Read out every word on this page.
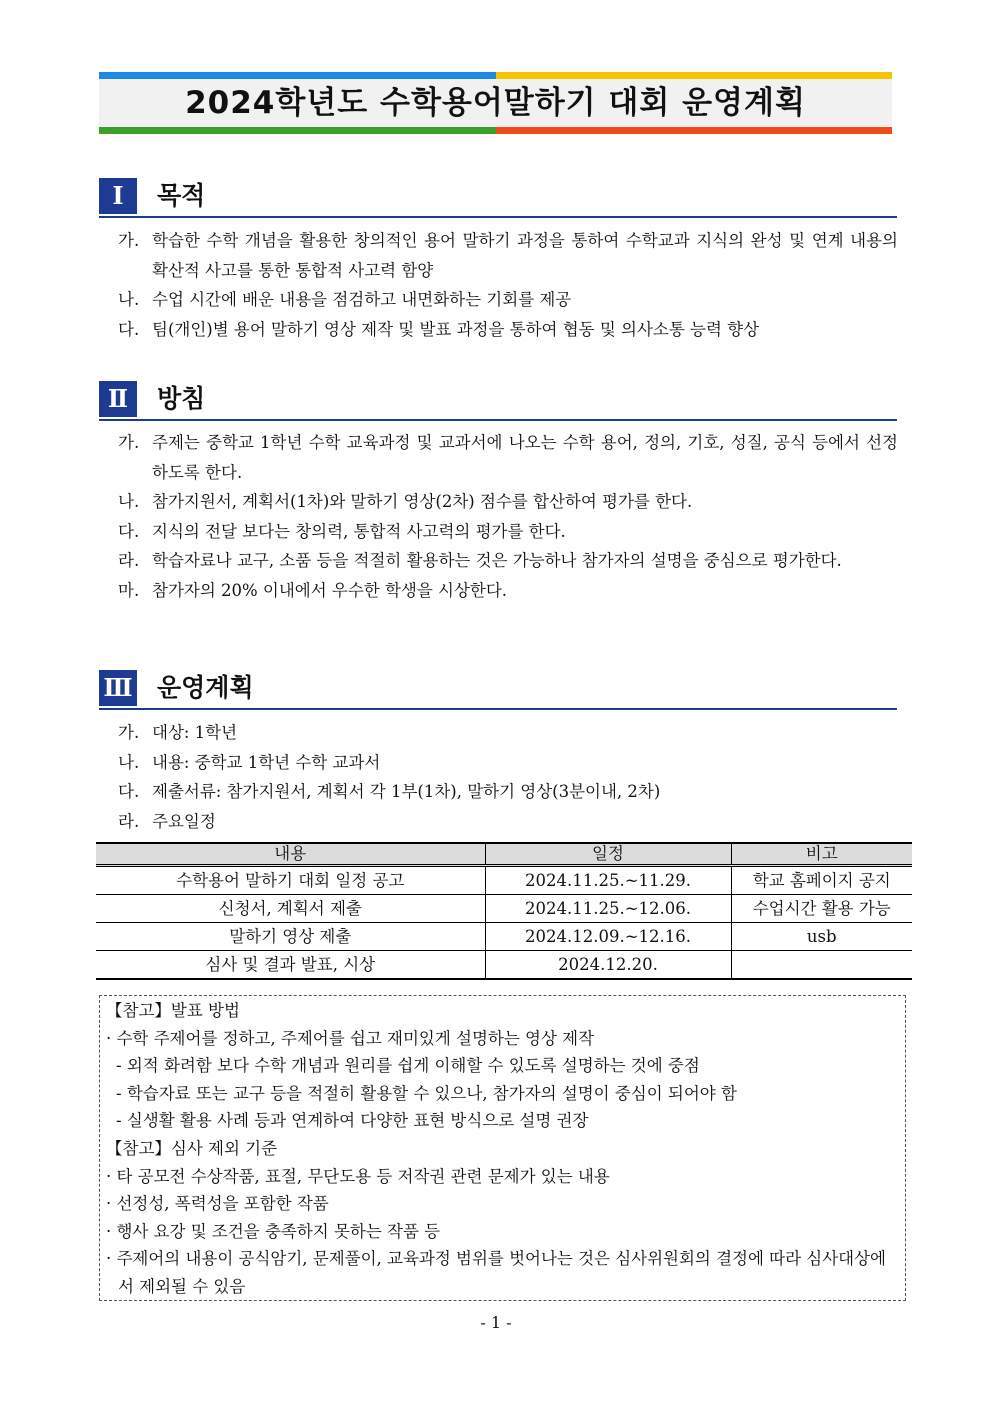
2024학년도 수학용어말하기 대회 운영계획
Ⅰ	목적
가. 학습한 수학 개념을 활용한 창의적인 용어 말하기 과정을 통하여 수학교과 지식의 완성 및 연계 내용의 확산적 사고를 통한 통합적 사고력 함양
나. 수업 시간에 배운 내용을 점검하고 내면화하는 기회를 제공
다. 팀(개인)별 용어 말하기 영상 제작 및 발표 과정을 통하여 협동 및 의사소통 능력 향상
Ⅱ	방침
가. 주제는 중학교 1학년 수학 교육과정 및 교과서에 나오는 수학 용어, 정의, 기호, 성질, 공식 등에서 선정하도록 한다.
나. 참가지원서, 계획서(1차)와 말하기 영상(2차) 점수를 합산하여 평가를 한다.
다. 지식의 전달 보다는 창의력, 통합적 사고력의 평가를 한다.
라. 학습자료나 교구, 소품 등을 적절히 활용하는 것은 가능하나 참가자의 설명을 중심으로 평가한다.
마. 참가자의 20% 이내에서 우수한 학생을 시상한다.
Ⅲ 운영계획
가. 대상: 1학년
나. 내용: 중학교 1학년 수학 교과서
다. 제출서류: 참가지원서, 계획서 각 1부(1차), 말하기 영상(3분이내, 2차)
라. 주요일정
내용	일정	비고
수학용어 말하기 대회 일정 공고	2024.11.25.~11.29.	학교 홈페이지 공지
신청서, 계획서 제출	2024.11.25.~12.06.	수업시간 활용 가능
말하기 영상 제출	2024.12.09.~12.16.	usb
심사 및 결과 발표, 시상	2024.12.20.	
【참고】발표 방법
· 수학 주제어를 정하고, 주제어를 쉽고 재미있게 설명하는 영상 제작
- 외적 화려함 보다 수학 개념과 원리를 쉽게 이해할 수 있도록 설명하는 것에 중점
- 학습자료 또는 교구 등을 적절히 활용할 수 있으나, 참가자의 설명이 중심이 되어야 함
- 실생활 활용 사례 등과 연계하여 다양한 표현 방식으로 설명 권장
【참고】심사 제외 기준
· 타 공모전 수상작품, 표절, 무단도용 등 저작권 관련 문제가 있는 내용
· 선정성, 폭력성을 포함한 작품
· 행사 요강 및 조건을 충족하지 못하는 작품 등
· 주제어의 내용이 공식암기, 문제풀이, 교육과정 범위를 벗어나는 것은 심사위원회의 결정에 따라 심사대상에서 제외될 수 있음
- 1 -
